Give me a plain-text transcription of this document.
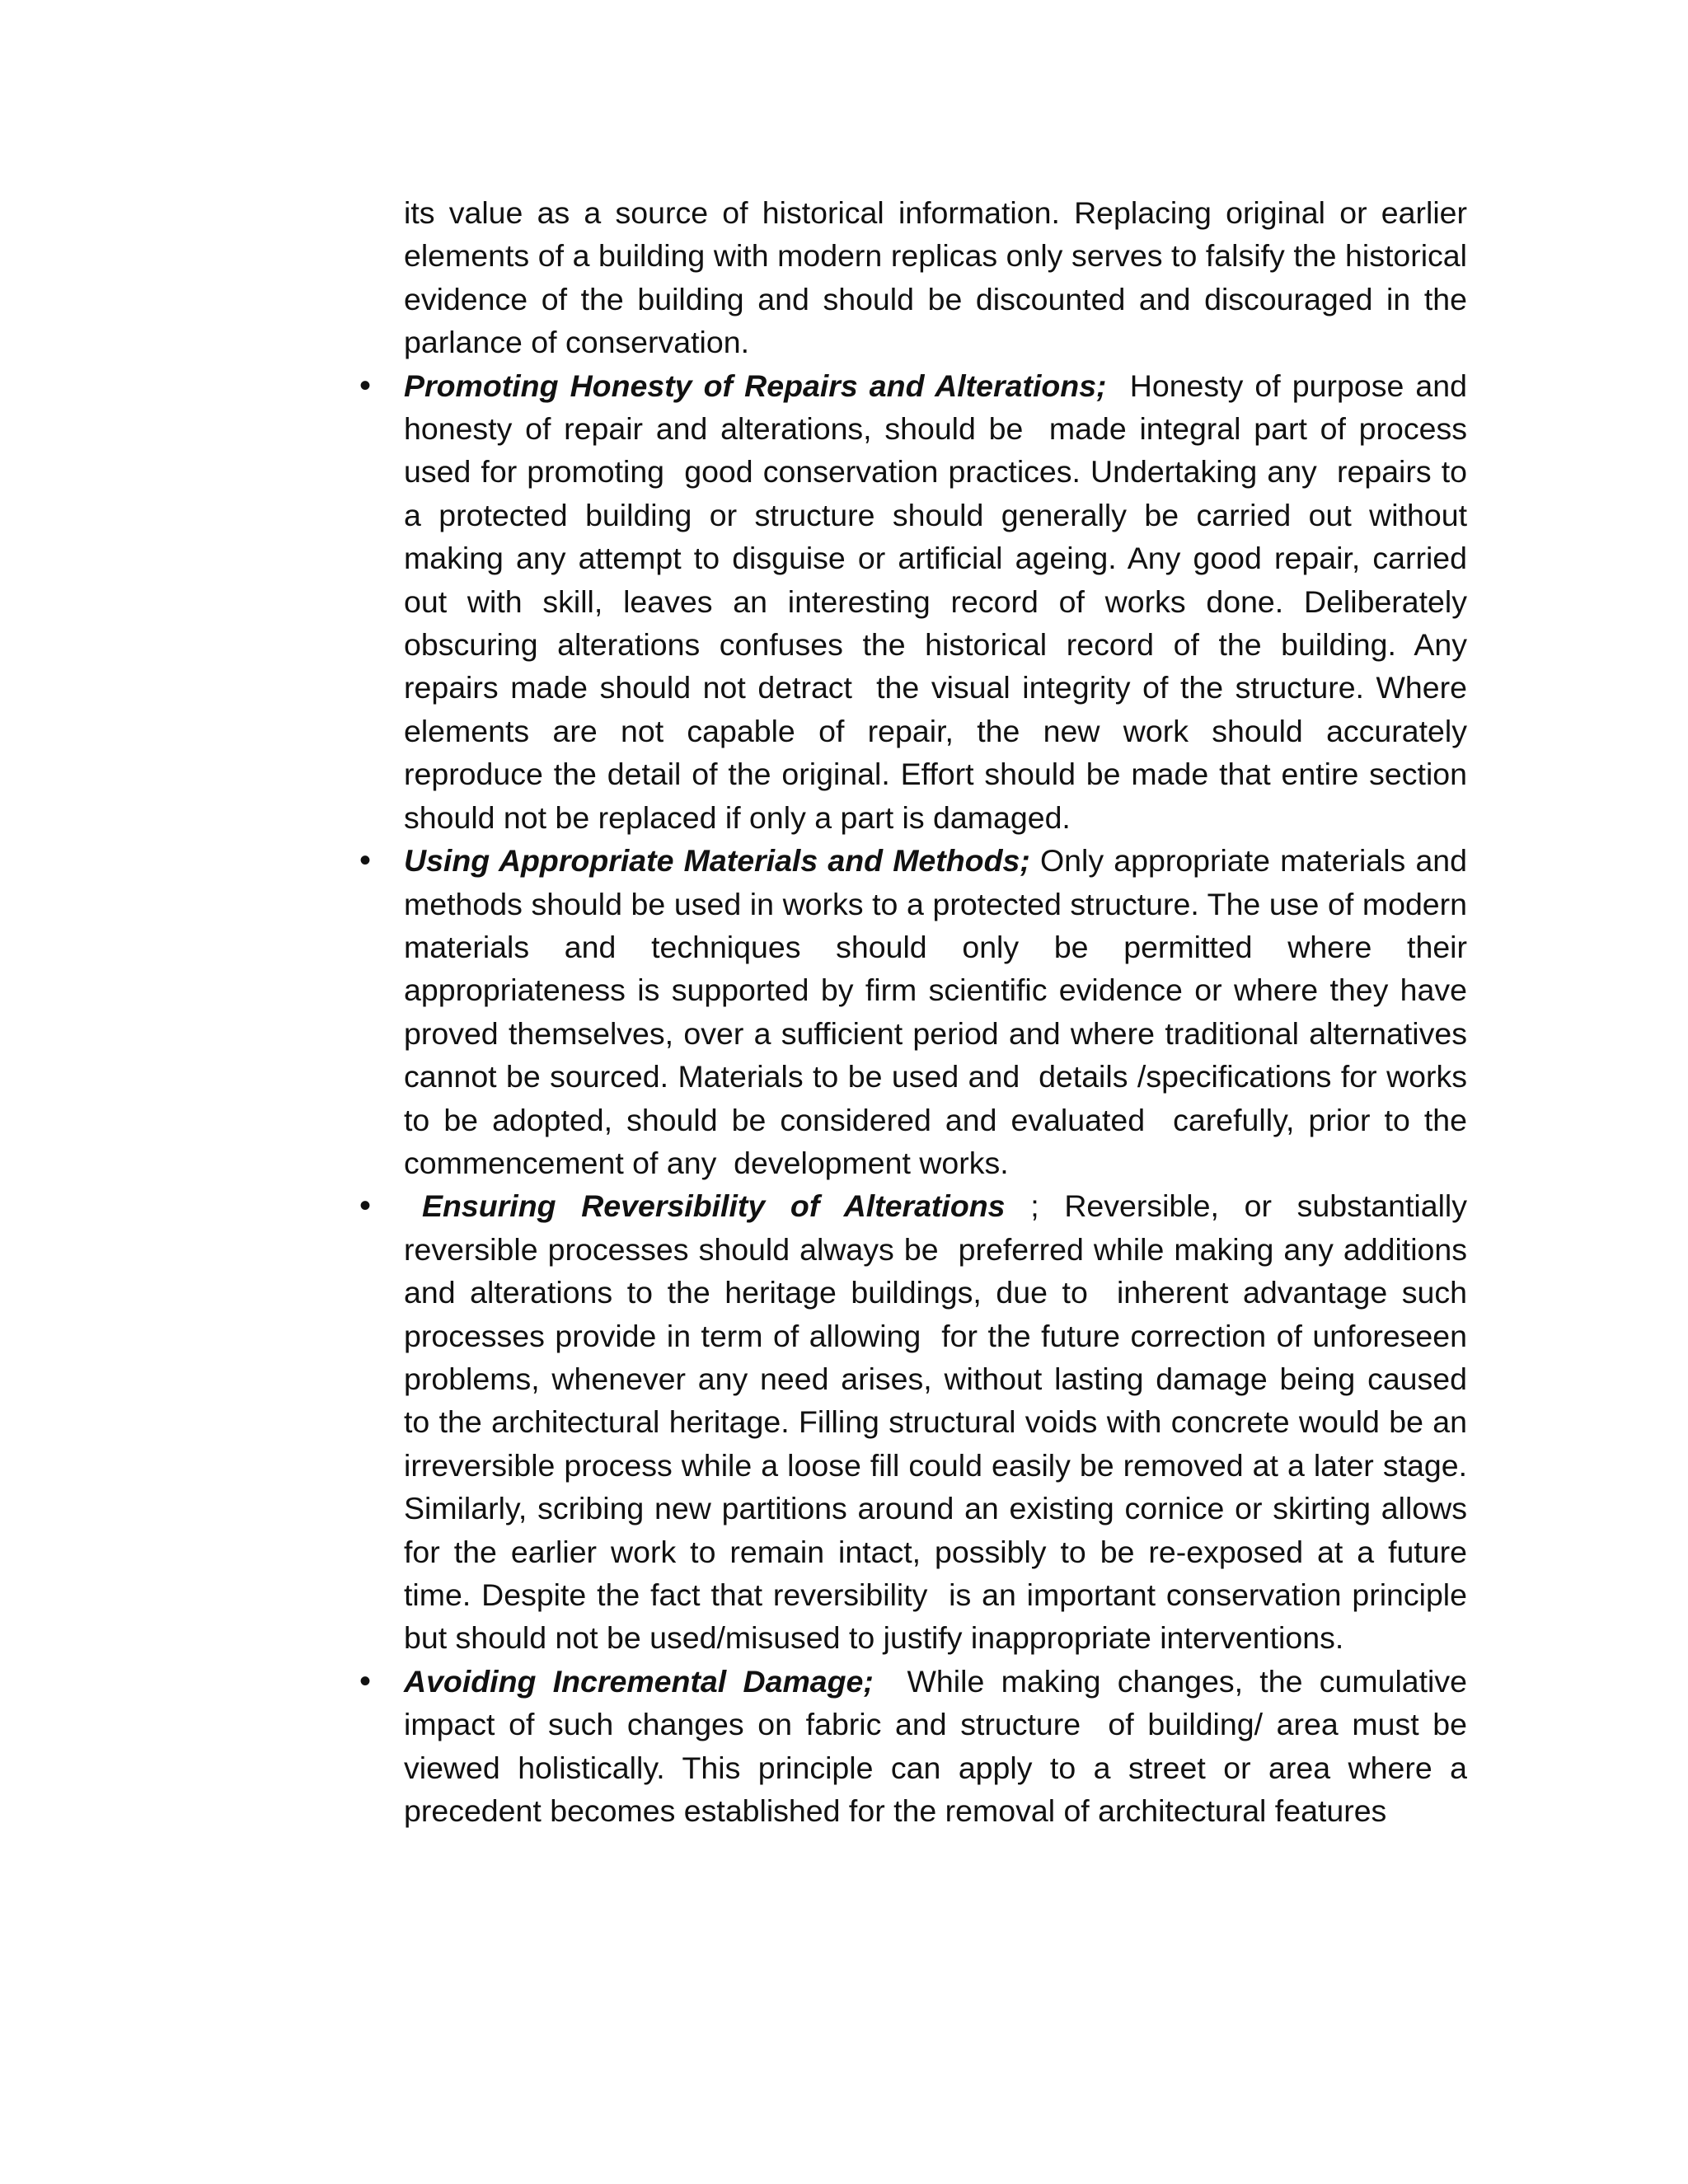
its value as a source of historical information. Replacing original or earlier elements of a building with modern replicas only serves to falsify the historical evidence of the building and should be discounted and discouraged in the parlance of conservation.

• Promoting Honesty of Repairs and Alterations;  Honesty of purpose and honesty of repair and alterations, should be  made integral part of process used for promoting  good conservation practices. Undertaking any  repairs to a protected building or structure should generally be carried out without  making any attempt to disguise or artificial ageing. Any good repair, carried out with skill, leaves an interesting record of works done. Deliberately obscuring alterations confuses the historical record of the building. Any repairs made should not detract  the visual integrity of the structure. Where elements are not capable of repair, the new work should accurately reproduce the detail of the original. Effort should be made that entire section should not be replaced if only a part is damaged.

• Using Appropriate Materials and Methods; Only appropriate materials and methods should be used in works to a protected structure. The use of modern materials and techniques should only be permitted where their appropriateness is supported by firm scientific evidence or where they have proved themselves, over a sufficient period and where traditional alternatives cannot be sourced. Materials to be used and  details /specifications for works to be adopted, should be considered and evaluated  carefully, prior to the commencement of any  development works.

• Ensuring Reversibility of Alterations ; Reversible, or substantially reversible processes should always be  preferred while making any additions and alterations to the heritage buildings, due to  inherent advantage such processes provide in term of allowing  for the future correction of unforeseen problems, whenever any need arises, without lasting damage being caused to the architectural heritage. Filling structural voids with concrete would be an irreversible process while a loose fill could easily be removed at a later stage. Similarly, scribing new partitions around an existing cornice or skirting allows for the earlier work to remain intact, possibly to be re-exposed at a future time. Despite the fact that reversibility  is an important conservation principle but should not be used/misused to justify inappropriate interventions.

• Avoiding Incremental Damage;  While making changes, the cumulative impact of such changes on fabric and structure  of building/ area must be viewed holistically. This principle can apply to a street or area where a precedent becomes established for the removal of architectural features
